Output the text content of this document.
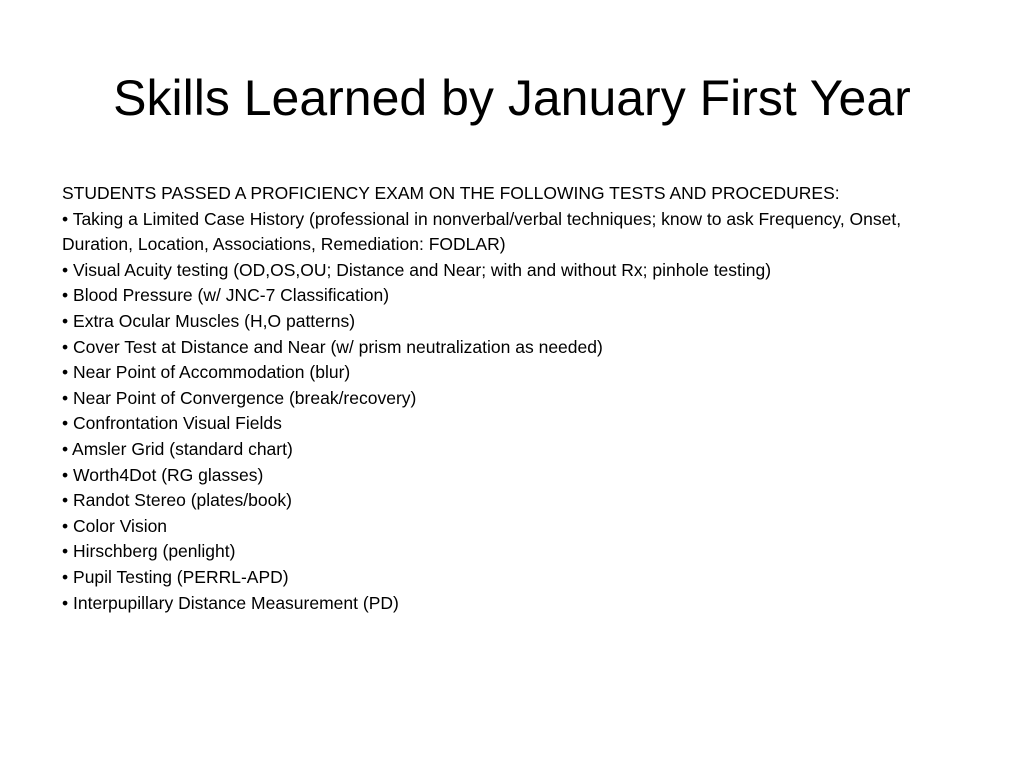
Skills Learned by January First Year

STUDENTS PASSED A PROFICIENCY EXAM ON THE FOLLOWING TESTS AND PROCEDURES:

• Taking a Limited Case History (professional in nonverbal/verbal techniques; know to ask Frequency, Onset, Duration, Location, Associations, Remediation: FODLAR)
• Visual Acuity testing (OD,OS,OU; Distance and Near; with and without Rx; pinhole testing)
• Blood Pressure (w/ JNC-7 Classification)
• Extra Ocular Muscles (H,O patterns)
• Cover Test at Distance and Near (w/ prism neutralization as needed)
• Near Point of Accommodation (blur)
• Near Point of Convergence (break/recovery)
• Confrontation Visual Fields
• Amsler Grid (standard chart)
• Worth4Dot (RG glasses)
• Randot Stereo (plates/book)
• Color Vision
• Hirschberg (penlight)
• Pupil Testing (PERRL-APD)
• Interpupillary Distance Measurement (PD)
